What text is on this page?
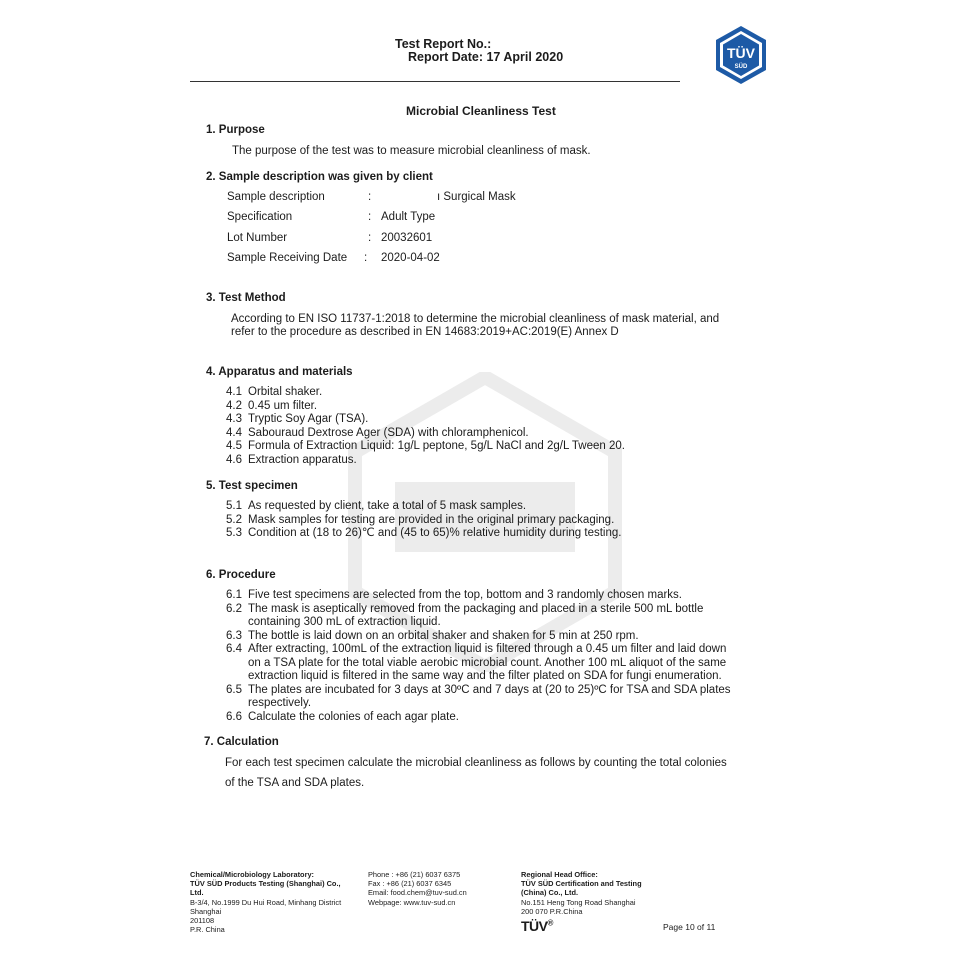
Test Report No.:
Report Date: 17 April 2020	TÜV
SÜD
Microbial Cleanliness Test
1. Purpose
The purpose of the test was to measure microbial cleanliness of mask.
2. Sample description was given by client
Sample description	:	ı Surgical Mask
Specification	: Adult Type
Lot Number	: 20032601
Sample Receiving Date : 2020-04-02
3. Test Method
According to EN ISO 11737-1:2018 to determine the microbial cleanliness of mask material, and
refer to the procedure as described in EN 14683:2019+AC:2019(E) Annex D
4. Apparatus and materials
4.1 Orbital shaker.
4.2 0.45 um filter.
4.3 Tryptic Soy Agar (TSA).
4.4 Sabouraud Dextrose Ager (SDA) with chloramphenicol.
4.5 Formula of Extraction Liquid: 1g/L peptone, 5g/L NaCl and 2g/L Tween 20.
4.6 Extraction apparatus.
5. Test specimen
5.1 As requested by client, take a total of 5 mask samples.
5.2 Mask samples for testing are provided in the original primary packaging.
5.3 Condition at (18 to 26)℃ and (45 to 65)% relative humidity during testing.
6. Procedure
6.1 Five test specimens are selected from the top, bottom and 3 randomly chosen marks.
6.2 The mask is aseptically removed from the packaging and placed in a sterile 500 mL bottle
containing 300 mL of extraction liquid.
6.3 The bottle is laid down on an orbital shaker and shaken for 5 min at 250 rpm.
6.4 After extracting, 100mL of the extraction liquid is filtered through a 0.45 um filter and laid down
on a TSA plate for the total viable aerobic microbial count. Another 100 mL aliquot of the same
extraction liquid is filtered in the same way and the filter plated on SDA for fungi enumeration.
6.5 The plates are incubated for 3 days at 30ºC and 7 days at (20 to 25)ºC for TSA and SDA plates
respectively.
6.6 Calculate the colonies of each agar plate.
7. Calculation
For each test specimen calculate the microbial cleanliness as follows by counting the total colonies
of the TSA and SDA plates.
Chemical/Microbiology Laboratory:
TÜV SÜD Products Testing (Shanghai) Co.,
Ltd.
B-3/4, No.1999 Du Hui Road, Minhang District
Shanghai
201108
P.R. China
Phone : +86 (21) 6037 6375
Fax : +86 (21) 6037 6345
Email: food.chem@tuv-sud.cn
Webpage: www.tuv-sud.cn
Regional Head Office:
TÜV SÜD Certification and Testing
(China) Co., Ltd.
No.151 Heng Tong Road Shanghai
200 070 P.R.China
TÜV®	Page 10 of 11
